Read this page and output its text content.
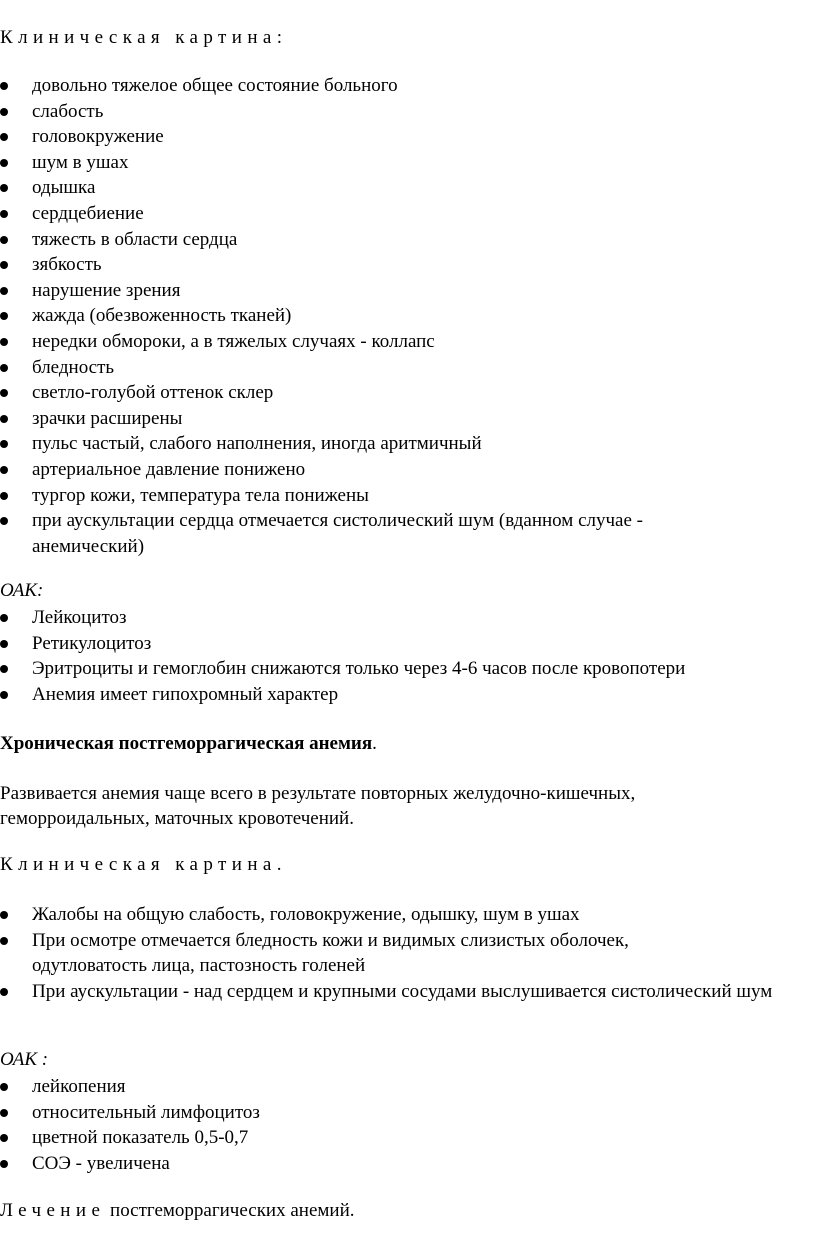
Клиническая картина:
довольно тяжелое общее состояние больного
слабость
головокружение
шум в ушах
одышка
сердцебиение
тяжесть в области сердца
зябкость
нарушение зрения
жажда (обезвоженность тканей)
нередки обмороки, а в тяжелых случаях - коллапс
бледность
светло-голубой оттенок склер
зрачки расширены
пульс частый, слабого наполнения, иногда аритмичный
артериальное давление понижено
тургор кожи, температура тела понижены
при аускультации сердца отмечается систолический шум (вданном случае - анемический)
ОАК:
Лейкоцитоз
Ретикулоцитоз
Эритроциты и гемоглобин снижаются только через 4-6 часов после кровопотери
Анемия имеет гипохромный характер
Хроническая постгеморрагическая анемия.
Развивается анемия чаще всего в результате повторных желудочно-кишечных,
геморроидальных, маточных кровотечений.
Клиническая картина.
Жалобы на общую слабость, головокружение, одышку, шум в ушах
При осмотре отмечается бледность кожи и видимых слизистых оболочек, одутловатость лица, пастозность голеней
При аускультации - над сердцем и крупными сосудами выслушивается систолический шум
ОАК :
лейкопения
относительный лимфоцитоз
цветной показатель 0,5-0,7
СОЭ - увеличена
Лечение постгеморрагических анемий.
